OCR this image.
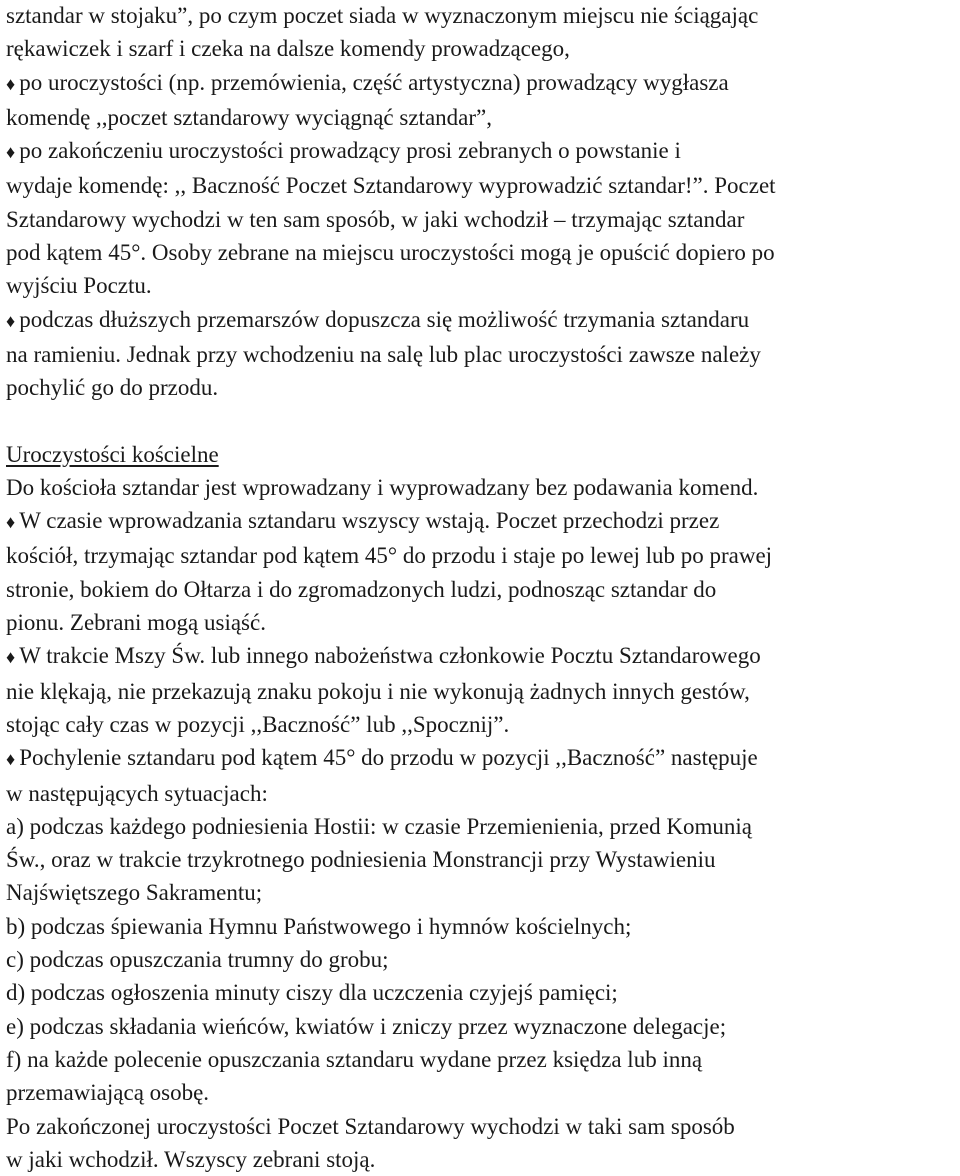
sztandar w stojaku”, po czym poczet siada w wyznaczonym miejscu nie ściągając
rękawiczek i szarf i czeka na dalsze komendy prowadzącego,
♦ po uroczystości (np. przemówienia, część artystyczna) prowadzący wygłasza
komendę ,,poczet sztandarowy wyciągnąć sztandar”,
♦ po zakończeniu uroczystości prowadzący prosi zebranych o powstanie i
wydaje komendę: ,, Baczność Poczet Sztandarowy wyprowadzić sztandar!”. Poczet
Sztandarowy wychodzi w ten sam sposób, w jaki wchodził – trzymając sztandar
pod kątem 45°. Osoby zebrane na miejscu uroczystości mogą je opuścić dopiero po
wyjściu Pocztu.
♦ podczas dłuższych przemarszów dopuszcza się możliwość trzymania sztandaru
na ramieniu. Jednak przy wchodzeniu na salę lub plac uroczystości zawsze należy
pochylić go do przodu.
Uroczystości kościelne
Do kościoła sztandar jest wprowadzany i wyprowadzany bez podawania komend.
♦ W czasie wprowadzania sztandaru wszyscy wstają. Poczet przechodzi przez
kościół, trzymając sztandar pod kątem 45° do przodu i staje po lewej lub po prawej
stronie, bokiem do Ołtarza i do zgromadzonych ludzi, podnosząc sztandar do
pionu. Zebrani mogą usiąść.
♦ W trakcie Mszy Św. lub innego nabożeństwa członkowie Pocztu Sztandarowego
nie klękają, nie przekazują znaku pokoju i nie wykonują żadnych innych gestów,
stojąc cały czas w pozycji ,,Baczność” lub ,,Spocznij”.
♦ Pochylenie sztandaru pod kątem 45° do przodu w pozycji ,,Baczność” następuje
w następujących sytuacjach:
a) podczas każdego podniesienia Hostii: w czasie Przemienienia, przed Komunią
Św., oraz w trakcie trzykrotnego podniesienia Monstrancji przy Wystawieniu
Najświętszego Sakramentu;
b) podczas śpiewania Hymnu Państwowego i hymnów kościelnych;
c) podczas opuszczania trumny do grobu;
d) podczas ogłoszenia minuty ciszy dla uczczenia czyjejś pamięci;
e) podczas składania wieńców, kwiatów i zniczy przez wyznaczone delegacje;
f) na każde polecenie opuszczania sztandaru wydane przez księdza lub inną
przemawiającą osobę.
Po zakończonej uroczystości Poczet Sztandarowy wychodzi w taki sam sposób
w jaki wchodził. Wszyscy zebrani stoją.
